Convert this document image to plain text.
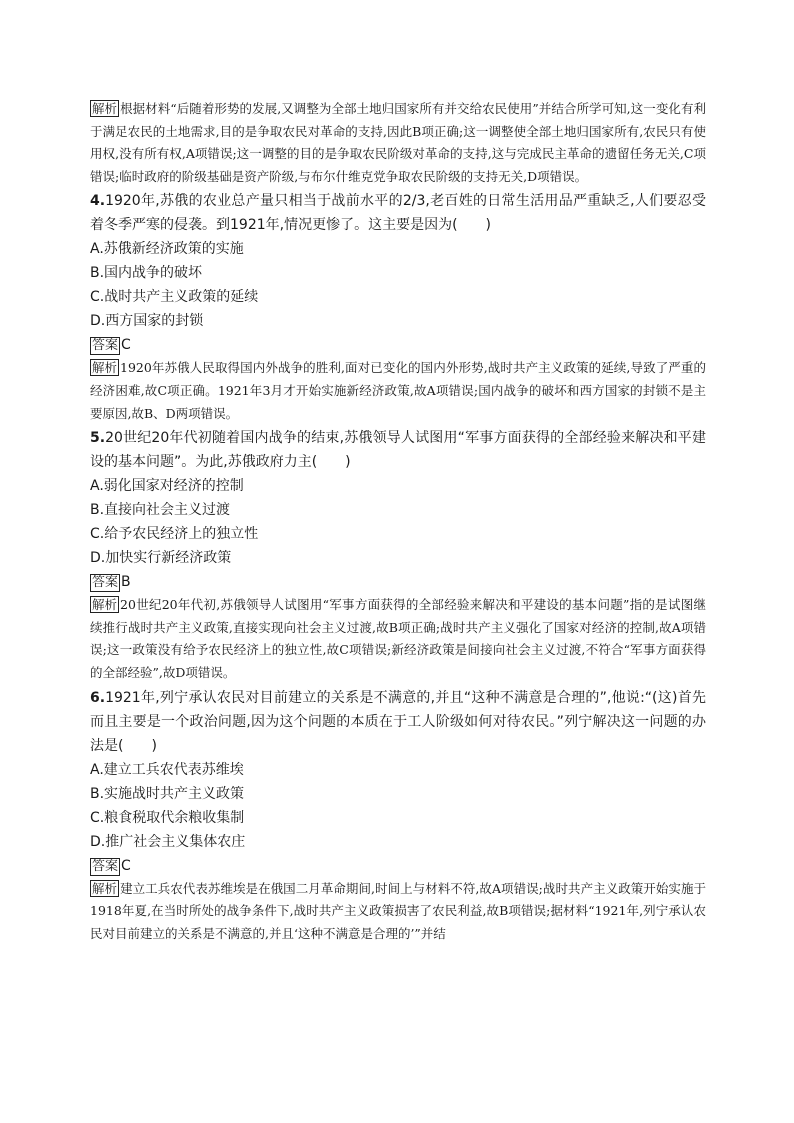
解析 根据材料“后随着形势的发展,又调整为全部土地归国家所有并交给农民使用”并结合所学可知,这一变化有利于满足农民的土地需求,目的是争取农民对革命的支持,因此B项正确;这一调整使全部土地归国家所有,农民只有使用权,没有所有权,A项错误;这一调整的目的是争取农民阶级对革命的支持,这与完成民主革命的遗留任务无关,C项错误;临时政府的阶级基础是资产阶级,与布尔什维克党争取农民阶级的支持无关,D项错误。

4.1920年,苏俄的农业总产量只相当于战前水平的2/3,老百姓的日常生活用品严重缺乏,人们要忍受着冬季严寒的侵袭。到1921年,情况更惨了。这主要是因为(　　)

A.苏俄新经济政策的实施

B.国内战争的破坏

C.战时共产主义政策的延续

D.西方国家的封锁

答案 C

解析 1920年苏俄人民取得国内外战争的胜利,面对已变化的国内外形势,战时共产主义政策的延续,导致了严重的经济困难,故C项正确。1921年3月才开始实施新经济政策,故A项错误;国内战争的破坏和西方国家的封锁不是主要原因,故B、D两项错误。

5.20世纪20年代初随着国内战争的结束,苏俄领导人试图用“军事方面获得的全部经验来解决和平建设的基本问题”。为此,苏俄政府力主(　　)

A.弱化国家对经济的控制

B.直接向社会主义过渡

C.给予农民经济上的独立性

D.加快实行新经济政策

答案 B

解析 20世纪20年代初,苏俄领导人试图用“军事方面获得的全部经验来解决和平建设的基本问题”指的是试图继续推行战时共产主义政策,直接实现向社会主义过渡,故B项正确;战时共产主义强化了国家对经济的控制,故A项错误;这一政策没有给予农民经济上的独立性,故C项错误;新经济政策是间接向社会主义过渡,不符合“军事方面获得的全部经验”,故D项错误。

6.1921年,列宁承认农民对目前建立的关系是不满意的,并且“这种不满意是合理的”,他说:“(这)首先而且主要是一个政治问题,因为这个问题的本质在于工人阶级如何对待农民。”列宁解决这一问题的办法是(　　)

A.建立工兵农代表苏维埃

B.实施战时共产主义政策

C.粮食税取代余粮收集制

D.推广社会主义集体农庄

答案 C

解析 建立工兵农代表苏维埃是在俄国二月革命期间,时间上与材料不符,故A项错误;战时共产主义政策开始实施于1918年夏,在当时所处的战争条件下,战时共产主义政策损害了农民利益,故B项错误;据材料“1921年,列宁承认农民对目前建立的关系是不满意的,并且‘这种不满意是合理的’”并结
